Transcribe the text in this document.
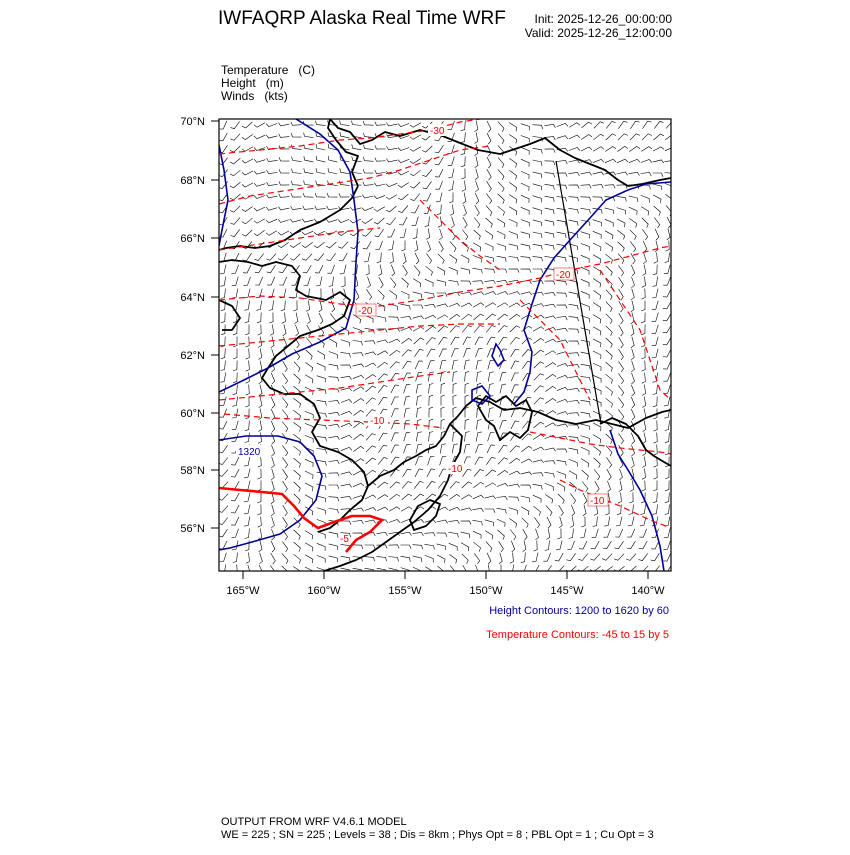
IWFAQRP Alaska Real Time WRF Init: 2025-12-26_00:00:00
Valid: 2025-12-26_12:00:00
Temperature (C)
Height (m)
Winds (kts)
-30
-20
-20
-10
-10
-10
-5
1320
70°N
68°N
66°N
64°N
62°N
60°N
58°N
56°N
165°W	160°W	155°W	150°W	145°W	140°W
Height Contours: 1200 to 1620 by 60
Temperature Contours: -45 to 15 by 5
OUTPUT FROM WRF V4.6.1 MODEL
WE = 225 ; SN = 225 ; Levels = 38 ; Dis = 8km ; Phys Opt = 8 ; PBL Opt = 1 ; Cu Opt = 3
